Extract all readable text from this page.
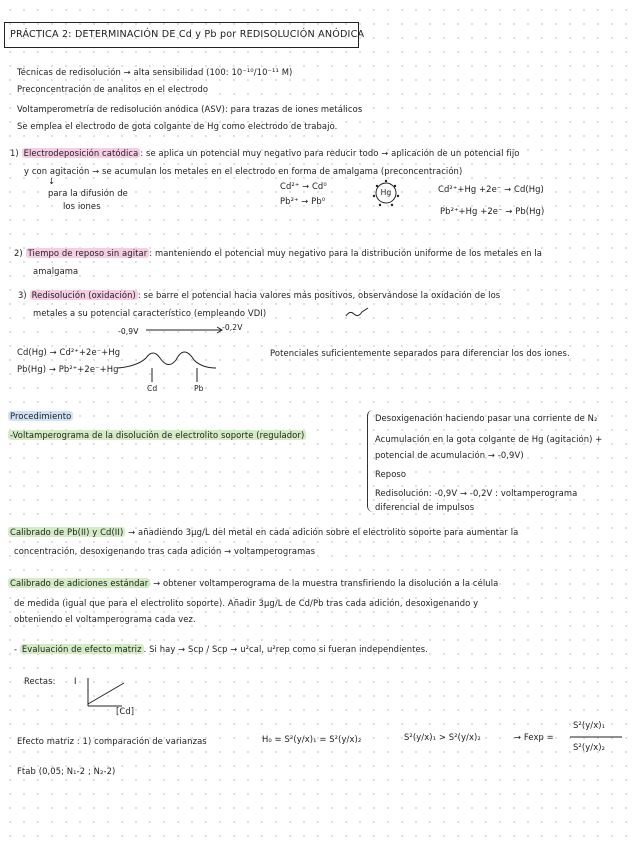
PRÁCTICA 2: DETERMINACIÓN DE Cd y Pb por REDISOLUCIÓN ANÓDICA
Técnicas de redisolución → alta sensibilidad (100: 10⁻¹⁰/10⁻¹¹ M)
Preconcentración de analitos en el electrodo
Voltamperometría de redisolución anódica (ASV): para trazas de iones metálicos
Se emplea el electrodo de gota colgante de Hg como electrodo de trabajo.
1) Electrodeposición catódica : se aplica un potencial muy negativo para reducir todo → aplicación de un potencial fijo
y con agitación → se acumulan los metales en el electrodo en forma de amalgama (preconcentración)
↓
para la difusión de
los iones
Cd²⁺ → Cd⁰
Pb²⁺ → Pb⁰
Hg	Cd²⁺+Hg +2e⁻ → Cd(Hg)
Pb²⁺+Hg +2e⁻ → Pb(Hg)
2) Tiempo de reposo sin agitar : manteniendo el potencial muy negativo para la distribución uniforme de los metales en la
amalgama
3) Redisolución (oxidación) : se barre el potencial hacia valores más positivos, observándose la oxidación de los
metales a su potencial característico (empleando VDI)
-0,9V	-0,2V
Cd(Hg) → Cd²⁺+2e⁻+Hg
Pb(Hg) → Pb²⁺+2e⁻+Hg
Cd	Pb
Potenciales suficientemente separados para diferenciar los dos iones.
Procedimiento
-Voltamperograma de la disolución de electrolito soporte (regulador)
Desoxigenación haciendo pasar una corriente de N₂
Acumulación en la gota colgante de Hg (agitación) +
potencial de acumulación → -0,9V)
Reposo
Redisolución: -0,9V → -0,2V : voltamperograma
diferencial de impulsos
Calibrado de Pb(II) y Cd(II) → añadiendo 3µg/L del metal en cada adición sobre el electrolito soporte para aumentar la
concentración, desoxigenando tras cada adición → voltamperogramas
Calibrado de adiciones estándar → obtener voltamperograma de la muestra transfiriendo la disolución a la célula
de medida (igual que para el electrolito soporte). Añadir 3µg/L de Cd/Pb tras cada adición, desoxigenando y
obteniendo el voltamperograma cada vez.
- Evaluación de efecto matriz . Si hay → Scp / Scp → u²cal, u²rep como si fueran independientes.
Rectas: I
[Cd]
Efecto matriz : 1) comparación de varianzas	H₀ = S²(y/x)₁ = S²(y/x)₂	S²(y/x)₁ > S²(y/x)₂	→ Fexp =
S²(y/x)₁
S²(y/x)₂
Ftab (0,05; N₁-2 ; N₂-2)
